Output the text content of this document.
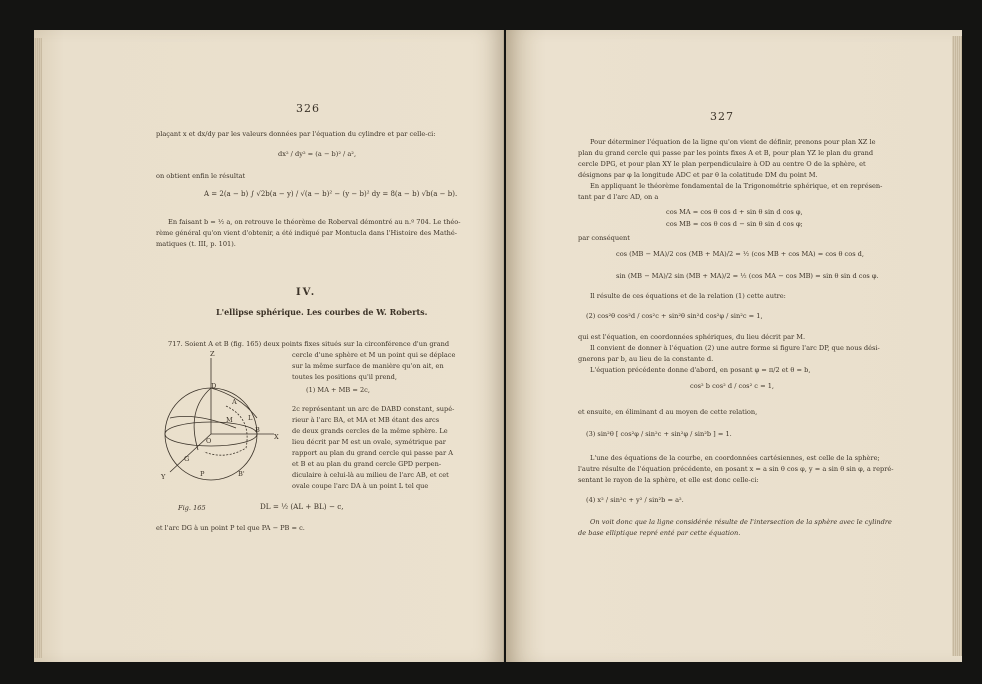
326
plaçant x et dx/dy par les valeurs données par l'équation du cylindre et par celle-ci:
dx² / dy² = (a − b)² / a²,
on obtient enfin le résultat
A = 2(a − b) ∫ √2b(a − y) / √(a − b)² − (y − b)² dy = 8(a − b) √b(a − b).
En faisant b = ½ a, on retrouve le théorème de Roberval démontré au n.º 704. Le théo-
rème général qu'on vient d'obtenir, a été indiqué par Montucla dans l'Histoire des Mathé-
matiques (t. III, p. 101).
IV.
L'ellipse sphérique. Les courbes de W. Roberts.
717. Soient A et B (fig. 165) deux points fixes situés sur la circonférence d'un grand
cercle d'une sphère et M un point qui se déplace
sur la même surface de manière qu'on ait, en
toutes les positions qu'il prend,
(1) MA + MB = 2c,
2c représentant un arc de DABD constant, supé-
rieur à l'arc BA, et MA et MB étant des arcs
de deux grands cercles de la même sphère. Le
lieu décrit par M est un ovale, symétrique par
rapport au plan du grand cercle qui passe par A
et B et au plan du grand cercle GPD perpen-
diculaire à celui-là au milieu de l'arc AB, et cet
ovale coupe l'arc DA à un point L tel que
DL = ½ (AL + BL) − c,
et l'arc DG à un point P tel que PA − PB = c.
Z
D
A
M L
B
O	X
Y
G
P	B'
Fig. 165
327
Pour déterminer l'équation de la ligne qu'on vient de définir, prenons pour plan XZ le
plan du grand cercle qui passe par les points fixes A et B, pour plan YZ le plan du grand
cercle DPG, et pour plan XY le plan perpendiculaire à OD au centre O de la sphère, et
désignons par φ la longitude ADC et par θ la colatitude DM du point M.
En appliquant le théorème fondamental de la Trigonométrie sphérique, et en représen-
tant par d l'arc AD, on a
cos MA = cos θ cos d + sin θ sin d cos φ,
cos MB = cos θ cos d − sin θ sin d cos φ;
par conséquent
cos (MB − MA)/2 cos (MB + MA)/2 = ½ (cos MB + cos MA) = cos θ cos d,
sin (MB − MA)/2 sin (MB + MA)/2 = ½ (cos MA − cos MB) = sin θ sin d cos φ.
Il résulte de ces équations et de la relation (1) cette autre:
(2) cos²θ cos²d / cos²c + sin²θ sin²d cos²φ / sin²c = 1,
qui est l'équation, en coordonnées sphériques, du lieu décrit par M.
Il convient de donner à l'équation (2) une autre forme si figure l'arc DP, que nous dési-
gnerons par b, au lieu de la constante d.
L'équation précédente donne d'abord, en posant φ = π/2 et θ = b,
cos² b cos² d / cos² c = 1,
et ensuite, en éliminant d au moyen de cette relation,
(3) sin²θ [ cos²φ / sin²c + sin²φ / sin²b ] = 1.
L'une des équations de la courbe, en coordonnées cartésiennes, est celle de la sphère;
l'autre résulte de l'équation précédente, en posant x = a sin θ cos φ, y = a sin θ sin φ, a repré-
sentant le rayon de la sphère, et elle est donc celle-ci:
(4) x² / sin²c + y² / sin²b = a².
On voit donc que la ligne considérée résulte de l'intersection de la sphère avec le cylindre
de base elliptique repré enté par cette équation.
